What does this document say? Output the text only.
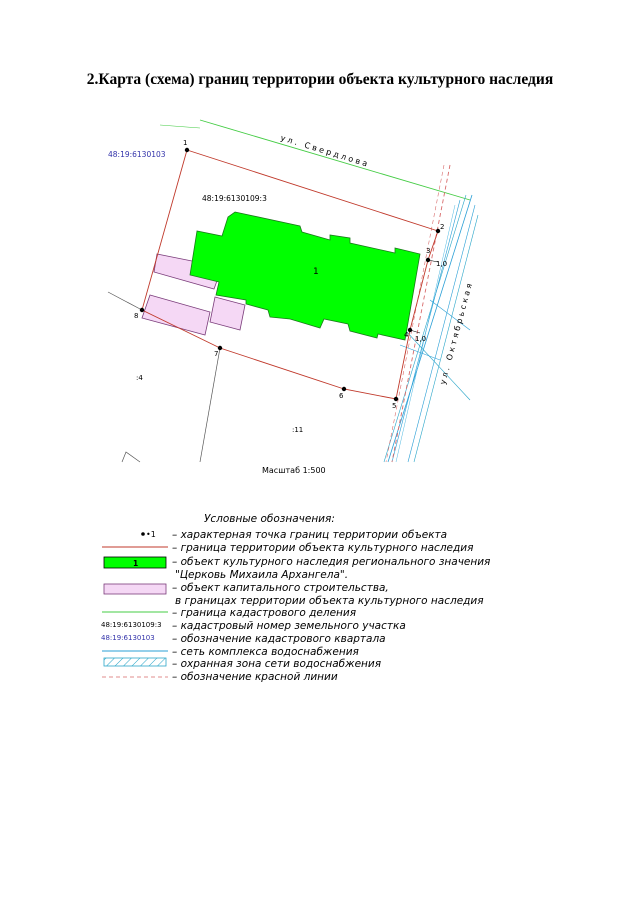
2.Карта (схема) границ территории объекта культурного наследия
1
1
2
3
4
5
6
7
8
1,0
1,0
48:19:6130103
48:19:6130109:3
:4
:11
ул. Свердлова
ул. Октябрьская
Масштаб 1:500
Условные обозначения:
•1
1
48:19:6130109:3
48:19:6130103
– характерная точка границ территории объекта
– граница территории объекта культурного наследия
– объект культурного наследия регионального значения
"Церковь Михаила Архангела".
– объект капитального строительства,
в границах территории объекта культурного наследия
– граница кадастрового деления
– кадастровый номер земельного участка
– обозначение кадастрового квартала
– сеть комплекса водоснабжения
– охранная зона сети водоснабжения
– обозначение красной линии
